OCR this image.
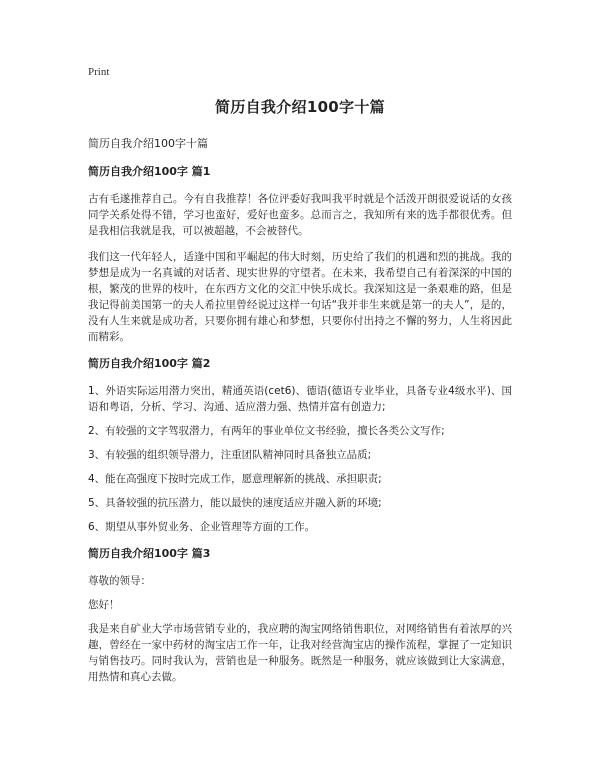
Print
简历自我介绍100字十篇
简历自我介绍100字十篇
简历自我介绍100字 篇1

古有毛遂推荐自己。今有自我推荐！各位评委好我叫我平时就是个活泼开朗很爱说话的女孩同学关系处得不错，学习也蛮好，爱好也蛮多。总而言之，我知所有来的选手都很优秀。但是我相信我就是我，可以被超越，不会被替代。

我们这一代年轻人，适逢中国和平崛起的伟大时刻，历史给了我们的机遇和烈的挑战。我的梦想是成为一名真诚的对话者、现实世界的守望者。在未来，我希望自己有着深深的中国的根，繁茂的世界的枝叶，在东西方文化的交汇中快乐成长。我深知这是一条艰难的路，但是我记得前美国第一的夫人希拉里曾经说过这样一句话“我并非生来就是第一的夫人”，是的，没有人生来就是成功者，只要你拥有雄心和梦想，只要你付出持之不懈的努力，人生将因此而精彩。

简历自我介绍100字 篇2

1、外语实际运用潜力突出，精通英语(cet6)、德语(德语专业毕业，具备专业4级水平)、国语和粤语，分析、学习、沟通、适应潜力强、热情并富有创造力;

2、有较强的文字驾驭潜力，有两年的事业单位文书经验，擅长各类公文写作;

3、有较强的组织领导潜力，注重团队精神同时具备独立品质;

4、能在高强度下按时完成工作，愿意理解新的挑战、承担职责;

5、具备较强的抗压潜力，能以最快的速度适应并融入新的环境;

6、期望从事外贸业务、企业管理等方面的工作。

简历自我介绍100字 篇3

尊敬的领导：

您好！

我是来自矿业大学市场营销专业的，我应聘的淘宝网络销售职位，对网络销售有着浓厚的兴趣，曾经在一家中药材的淘宝店工作一年，让我对经营淘宝店的操作流程，掌握了一定知识与销售技巧。同时我认为，营销也是一种服务。既然是一种服务，就应该做到让大家满意，用热情和真心去做。
